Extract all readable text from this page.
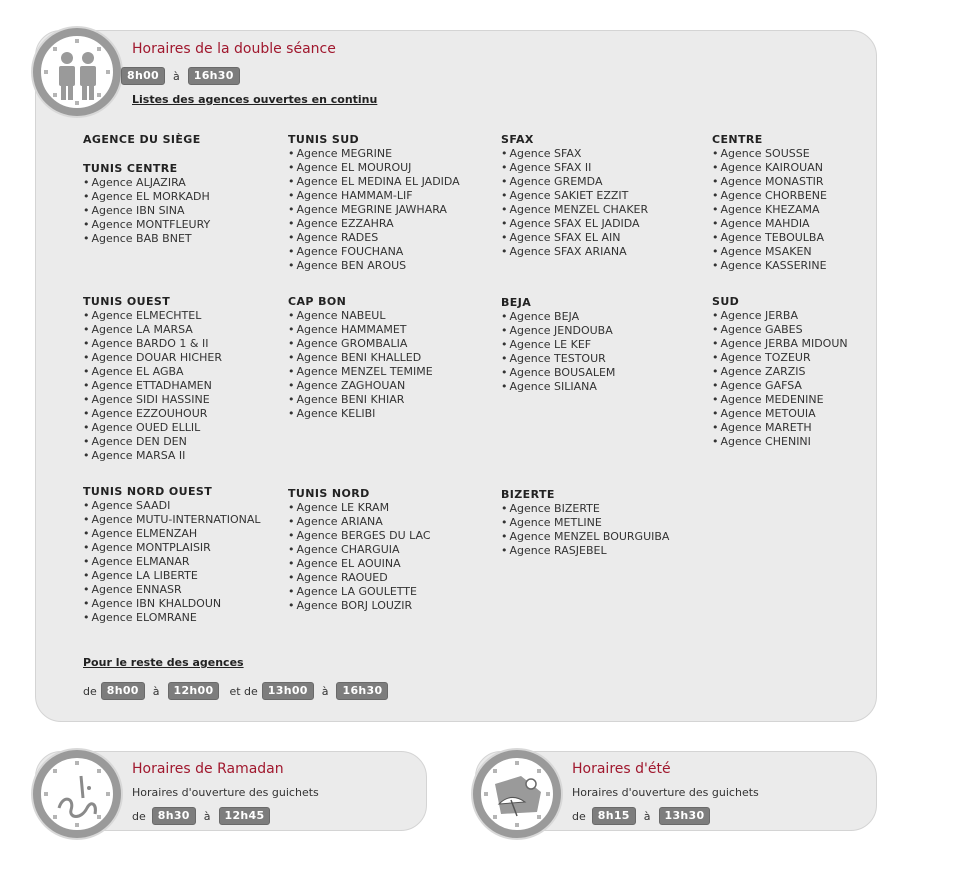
Horaires de la double séance
8h00	à	16h30
Listes des agences ouvertes en continu
AGENCE DU SIÈGE
TUNIS CENTRE
• Agence ALJAZIRA
• Agence EL MORKADH
• Agence IBN SINA
• Agence MONTFLEURY
• Agence BAB BNET
TUNIS OUEST
• Agence ELMECHTEL
• Agence LA MARSA
• Agence BARDO 1 & II
• Agence DOUAR HICHER
• Agence EL AGBA
• Agence ETTADHAMEN
• Agence SIDI HASSINE
• Agence EZZOUHOUR
• Agence OUED ELLIL
• Agence DEN DEN
• Agence MARSA II
TUNIS NORD OUEST
• Agence SAADI
• Agence MUTU-INTERNATIONAL
• Agence ELMENZAH
• Agence MONTPLAISIR
• Agence ELMANAR
• Agence LA LIBERTE
• Agence ENNASR
• Agence IBN KHALDOUN
• Agence ELOMRANE
TUNIS SUD
• Agence MEGRINE
• Agence EL MOUROUJ
• Agence EL MEDINA EL JADIDA
• Agence HAMMAM-LIF
• Agence MEGRINE JAWHARA
• Agence EZZAHRA
• Agence RADES
• Agence FOUCHANA
• Agence BEN AROUS
CAP BON
• Agence NABEUL
• Agence HAMMAMET
• Agence GROMBALIA
• Agence BENI KHALLED
• Agence MENZEL TEMIME
• Agence ZAGHOUAN
• Agence BENI KHIAR
• Agence KELIBI
TUNIS NORD
• Agence LE KRAM
• Agence ARIANA
• Agence BERGES DU LAC
• Agence CHARGUIA
• Agence EL AOUINA
• Agence RAOUED
• Agence LA GOULETTE
• Agence BORJ LOUZIR
SFAX
• Agence SFAX
• Agence SFAX II
• Agence GREMDA
• Agence SAKIET EZZIT
• Agence MENZEL CHAKER
• Agence SFAX EL JADIDA
• Agence SFAX EL AIN
• Agence SFAX ARIANA
BEJA
• Agence BEJA
• Agence JENDOUBA
• Agence LE KEF
• Agence TESTOUR
• Agence BOUSALEM
• Agence SILIANA
BIZERTE
• Agence BIZERTE
• Agence METLINE
• Agence MENZEL BOURGUIBA
• Agence RASJEBEL
CENTRE
• Agence SOUSSE
• Agence KAIROUAN
• Agence MONASTIR
• Agence CHORBENE
• Agence KHEZAMA
• Agence MAHDIA
• Agence TEBOULBA
• Agence MSAKEN
• Agence KASSERINE
SUD
• Agence JERBA
• Agence GABES
• Agence JERBA MIDOUN
• Agence TOZEUR
• Agence ZARZIS
• Agence GAFSA
• Agence MEDENINE
• Agence METOUIA
• Agence MARETH
• Agence CHENINI
Pour le reste des agences
de 8h00	à	12h00	et de 13h00	à	16h30
Horaires de Ramadan
Horaires d'ouverture des guichets
de	8h30	à	12h45
Horaires d'été
Horaires d'ouverture des guichets
de	8h15	à	13h30
